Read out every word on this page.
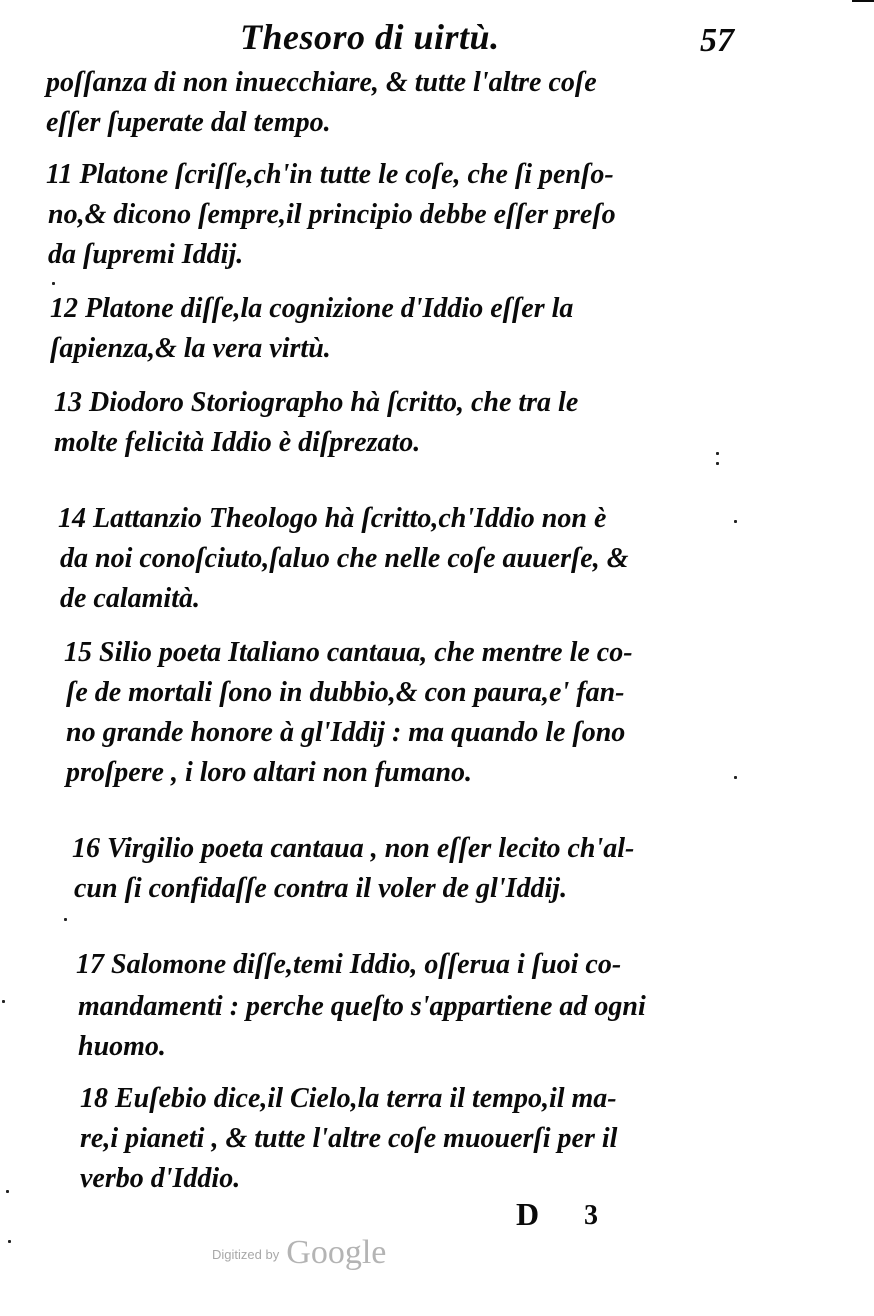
Thesoro di uirtù.	57
poſſanza di non inuecchiare, & tutte l'altre coſe
eſſer ſuperate dal tempo.
11 Platone ſcriſſe,ch'in tutte le coſe, che ſi penſo-
no,& dicono ſempre,il principio debbe eſſer preſo
da ſupremi Iddij.
12 Platone diſſe,la cognizione d'Iddio eſſer la
ſapienza,& la vera virtù.
13 Diodoro Storiographo hà ſcritto, che tra le
molte felicità Iddio è diſprezato.
14 Lattanzio Theologo hà ſcritto,ch'Iddio non è
da noi conoſciuto,ſaluo che nelle coſe auuerſe, &
de calamità.
15 Silio poeta Italiano cantaua, che mentre le co-
ſe de mortali ſono in dubbio,& con paura,e' fan-
no grande honore à gl'Iddij : ma quando le ſono
proſpere , i loro altari non fumano.
16 Virgilio poeta cantaua , non eſſer lecito ch'al-
cun ſi confidaſſe contra il voler de gl'Iddij.
17 Salomone diſſe,temi Iddio, oſſerua i ſuoi co-
mandamenti : perche queſto s'appartiene ad ogni
huomo.
18 Euſebio dice,il Cielo,la terra il tempo,il ma-
re,i pianeti , & tutte l'altre coſe muouerſi per il
verbo d'Iddio.
D 3
$^{Digitized by}$ Google
